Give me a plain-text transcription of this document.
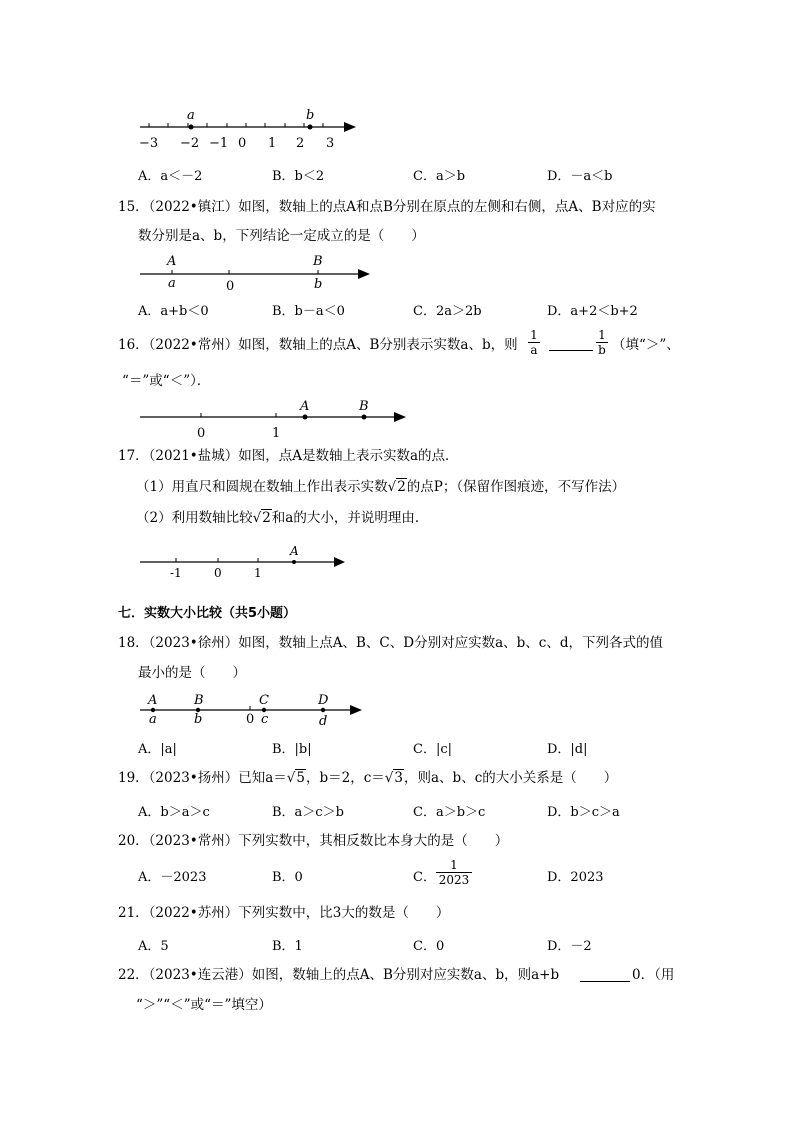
a	b
−3 −2 −1 0 1 2 3
A．a＜－2	B．b＜2	C．a＞b	D．－a＜b
15．（2022•镇江）如图，数轴上的点A和点B分别在原点的左侧和右侧，点A、B对应的实
数分别是a、b，下列结论一定成立的是（　　）
A
a	0
B
b
A．a+b＜0	B．b－a＜0	C．2a＞2b	D．a+2＜b+2
16．（2022•常州）如图，数轴上的点A、B分别表示实数a、b，则 $\frac{1}{a}$	$\frac{1}{b}$ （填“＞”、
“＝”或“＜”）．
A	B
0	1
17．（2021•盐城）如图，点A是数轴上表示实数a的点．
（1）用直尺和圆规在数轴上作出表示实数√2的点P；（保留作图痕迹，不写作法）
（2）利用数轴比较√2和a的大小，并说明理由．
A
-1	0	1
七．实数大小比较（共5小题）
18．（2023•徐州）如图，数轴上点A、B、C、D分别对应实数a、b、c、d，下列各式的值
最小的是（　　）
A
a
B
b
C
0 c
D
d
A．|a|	B．|b|	C．|c|	D．|d|
19．（2023•扬州）已知a＝√5，b＝2，c＝√3，则a、b、c的大小关系是（　　）
A．b＞a＞c	B．a＞c＞b	C．a＞b＞c	D．b＞c＞a
20．（2023•常州）下列实数中，其相反数比本身大的是（　　）
A．－2023	B．0	C． $\frac{1}{2023}$	D．2023
21．（2022•苏州）下列实数中，比3大的数是（　　）
A．5	B．1	C．0	D．－2
22．（2023•连云港）如图，数轴上的点A、B分别对应实数a、b，则a+b	0．（用
“＞”“＜”或“＝”填空）
